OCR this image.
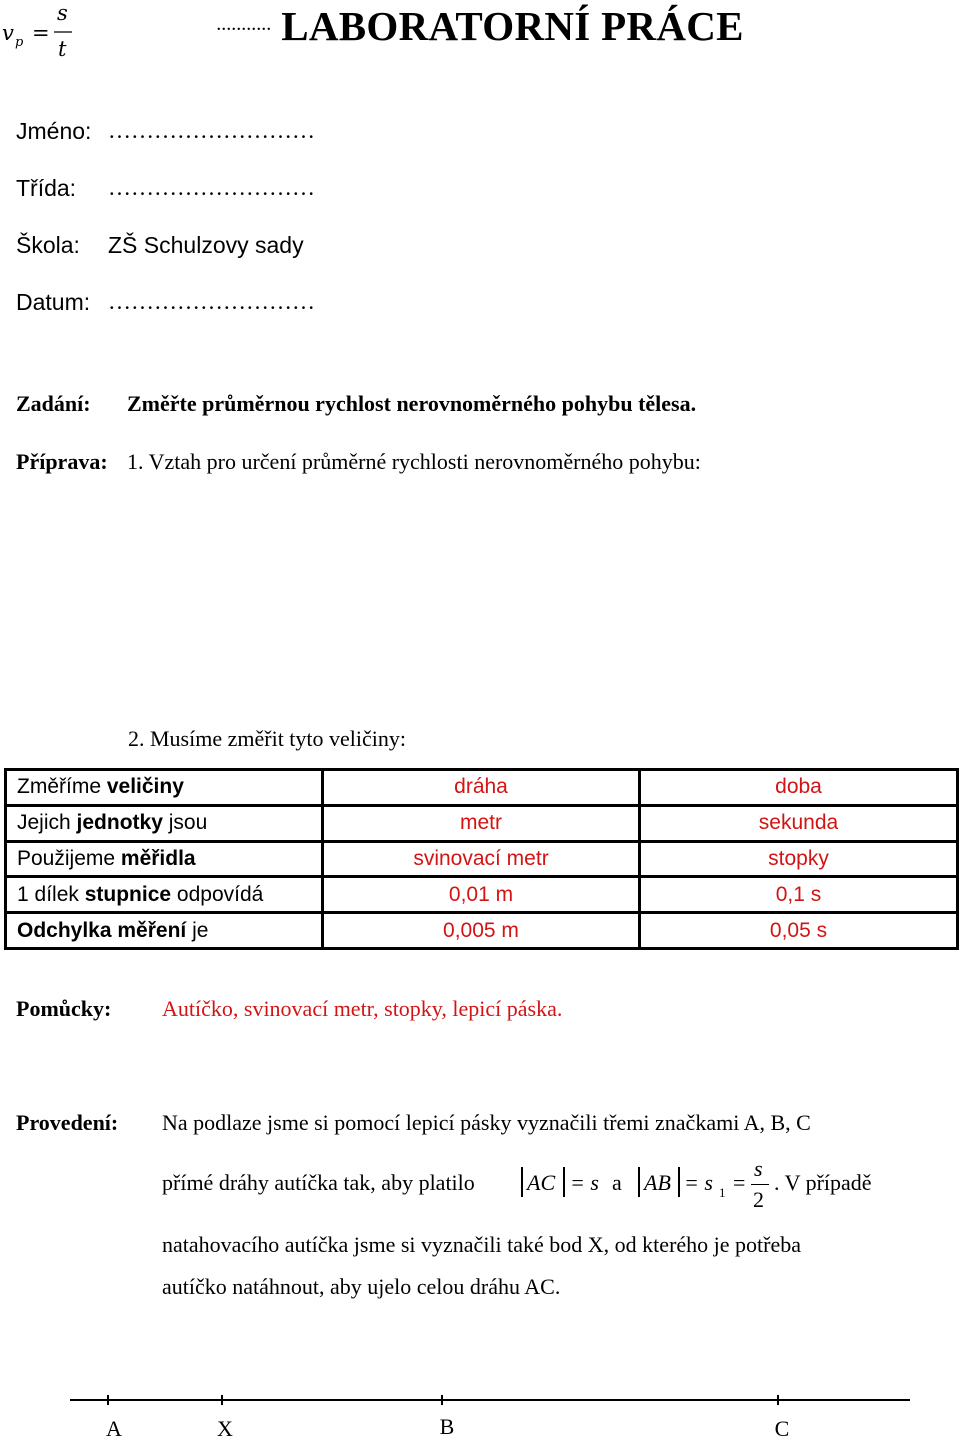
........... LABORATORNÍ PRÁCE
Jméno: ………………………
Třída: ………………………
Škola: ZŠ Schulzovy sady
Datum: ………………………
Zadání: Změřte průměrnou rychlost nerovnoměrného pohybu tělesa.
Příprava: 1. Vztah pro určení průměrné rychlosti nerovnoměrného pohybu:
v p =
s
t
2. Musíme změřit tyto veličiny:
Změříme veličiny	dráha	doba
Jejich jednotky jsou	metr	sekunda
Použijeme měřidla	svinovací metr	stopky
1 dílek stupnice odpovídá	0,01 m	0,1 s
Odchylka měření je	0,005 m	0,05 s
Pomůcky: Autíčko, svinovací metr, stopky, lepicí páska.
Provedení: Na podlaze jsme si pomocí lepicí pásky vyznačili třemi značkami A, B, C
přímé dráhy autíčka tak, aby platilo AC = s a AB = s 1 =
s
2
. V případě
natahovacího autíčka jsme si vyznačili také bod X, od kterého je potřeba
autíčko natáhnout, aby ujelo celou dráhu AC.
A	X	B	C
